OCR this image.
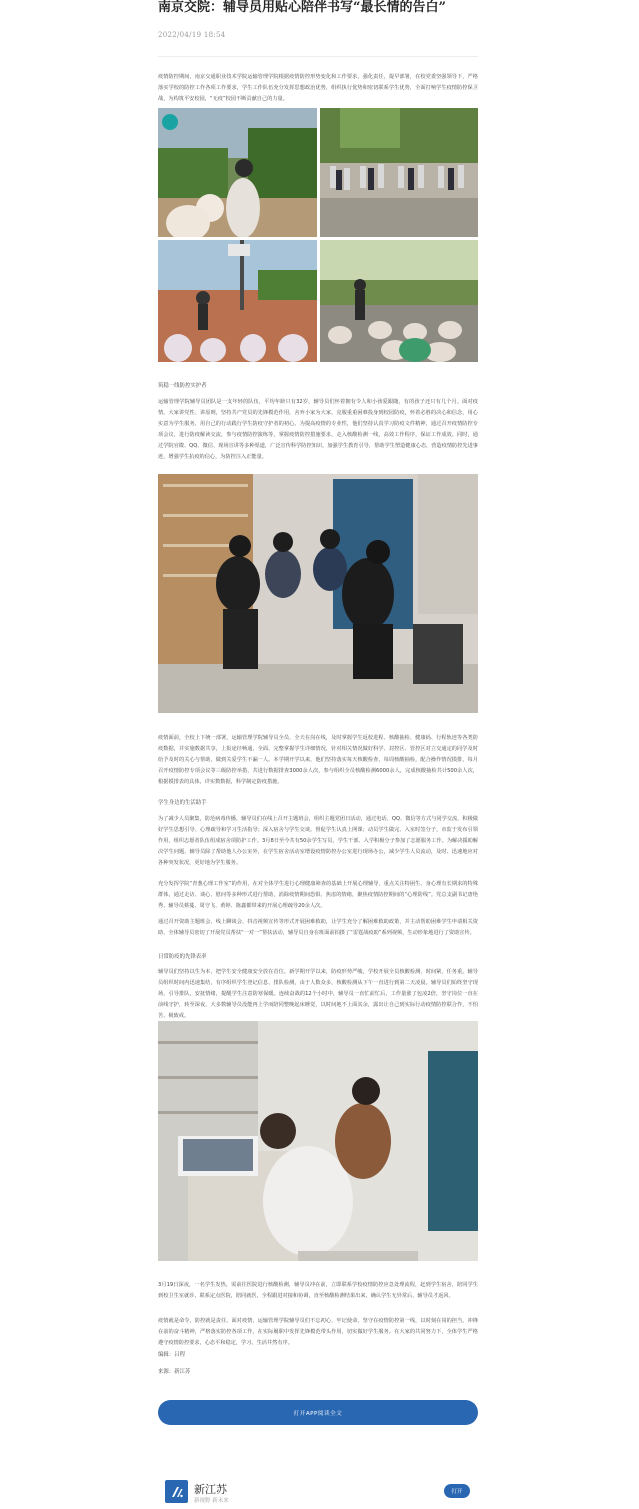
南京交院：辅导员用贴心陪伴书写“最长情的告白”
2022/04/19 18:54

疫情防控期间，南京交通职业技术学院运输管理学院根据疫情防控形势变化和工作要求，强化责任，提早部署，在校党委坚强领导下，严格落实学校的防控工作各项工作要求，学生工作队伍充分发挥思想政治优势，组织执行优势和密切联系学生优势，全面打响学生疫情防控保卫战，为构筑平安校园，“无疫”校园不断贡献自己的力量。

筑稳一线防控实护者

运输管理学院辅导员团队是一支年轻的队伍，平均年龄只有32岁，辅导员们怀着拥有令人和小孩爱跟随，有的孩子还只有几个月。面对疫情，大家讲党性、讲原则，坚持共产党员的先锋模范作用，舍弃小家为大家，克服重重困难投身到校园防疫，怀着必胜的决心和信念，用心实意为学生服务，用自己的行动践行学生防疫守护者的初心。为提高疫情的专业性，他们坚持认真学习防疫文件精神，通过召开疫情防控专项会议，进行防疫解读交流，参与疫情防控演练等，掌握疫情防控措施要求，走入核酸检测一线，高效工作程序，保证工作成效。同时，通过学院官微、QQ、微信、现场宣讲等多种渠道，广泛宣传科学防控知识，加强学生教育引导，帮助学生塑造健康心态，营造疫情防控先进事迹，增强学生抗疫的信心，为防控注入正能量。

疫情面前，全校上下统一部署，运输管理学院辅导员全员、全天在岗在线，及时掌握学生返校进程、核酸抽检、健康码、行程轨迹等各类防疫数据，并实施数据共享，上报途径畅通，全面、完整掌握学生详细情况，针对相关情况做好科学、封控区、管控区对立交通定的同学及时给予及时的关心与帮助，做到关爱学生不漏一人。本学期开学以来，他们坚持落实每天核酸检查，每周核酸抽检，配合操作情况摸排，每月召开疫情防控专项会议等三级防控举措，共进行数据排查3000余人次，参与组织全员核酸检测6000余人，完成核酸抽检共计500余人次，根据摸排表的具体，详实数数据，科学制定防疫措施。

学生身边的生活助手

为了减少人员聚集，防范病毒传播，辅导员们在线上召开主题班会，组织主题党团日活动，通过电话、QQ、微信等方式与同学交流，积极做好学生思想引导、心理疏导和学习生活指导；深入宿舍与学生交谈，督促学生认真上网课；动员学生做完、入室时签分子，市监于发布引领作用，组织志愿者队伍组成宿舍项防护工作。3月8日至今共有50余学生写员，学生干部、入学积极分子参加了志愿服务工作。为解决援助解决学生问题，辅导员除了帮助他人办公室外，在学生宿舍活动室增设疫情防控办公室进行现场办公，减少学生人员流动，及时、迅速地应对各种突发状况，更好地为学生服务。

充分发挥学院“青葱心理工作室”的作用，在对全体学生进行心理健康筛查的基础上开展心理辅导，重点关注特困生、身心理有长期求的特殊群体，通过走访、谈心、慰问等多种形式进行帮助，消除疫情期间恐惧、焦虑的情绪，聚焦疫情防控期间的“心理防线”。党总支副书记唐艳秀、辅导员蔡蔓、周守飞、黄婷、陈鑫都带来的开展心理疏导20余人次。

通过召开资助主题班会、线上聊谈会、抖音视频宣传等形式开展困难救助，让学生充分了解困难救助政策，并主动帮助困难学生申请相关资助，全体辅导员密切了开展党员帮扶“一对一”帮扶活动，辅导员自身在班面前拍摄了“雷霆战疫助”系列视频，生动形象地进行了资助宣传。

日常防疫的先锋表率

辅导员们坚持以生为本，把学生安全健康安全放在首位。新学期开学以来，防疫形势严峻，学校开展全员核酸检测，时间紧，任务重。辅导员组织时间内迅速集结，有序组织学生登记信息、排队检测，由于人数众多，核酸检测从下午一直进行到第二天凌晨。辅导员们始终坚守现场，引导排队，安抚情绪，提醒学生注意防寒保暖。连续奋战的12个小时中，辅导员一直忙前忙后，工作量涨了包凌2倍，坚守岗位一直在前线守护，转至深夜，大多数辅导员没能再上学而陪同整晚起床睡觉，以时间地不上面其余，露出让自己到实际行动疫情防控联合作，不怕苦、极致戒。

3月19日深夜，一名学生发热，需前往医院进行核酸检测，辅导员冲在前，立即联系学校疫情防控应急处理流程，赶到学生宿舍，陪同学生到校卫生室就诊，联系定点医院，陪同就医，全程跟进对接和协调，直至核酸检测结果出来，确认学生无异常后，辅导员才返回。

疫情就是命令，防控就是责任。面对疫情，运输管理学院辅导员们不忘初心、牢记使命，坚守在疫情防控第一线，以时刻在岗的担当，冲锋在前的奋斗精神，严格落实防控各项工作，在实际履职中发挥先锋模范带头作用，切实做好学生服务。在大家的共同努力下，全体学生严格遵守疫情防控要求，心态平和稳定，学习、生活井然有序。

编辑：吕程

来源：新江苏

打开APP阅读全文
新江苏
新视野 新未来
打开
